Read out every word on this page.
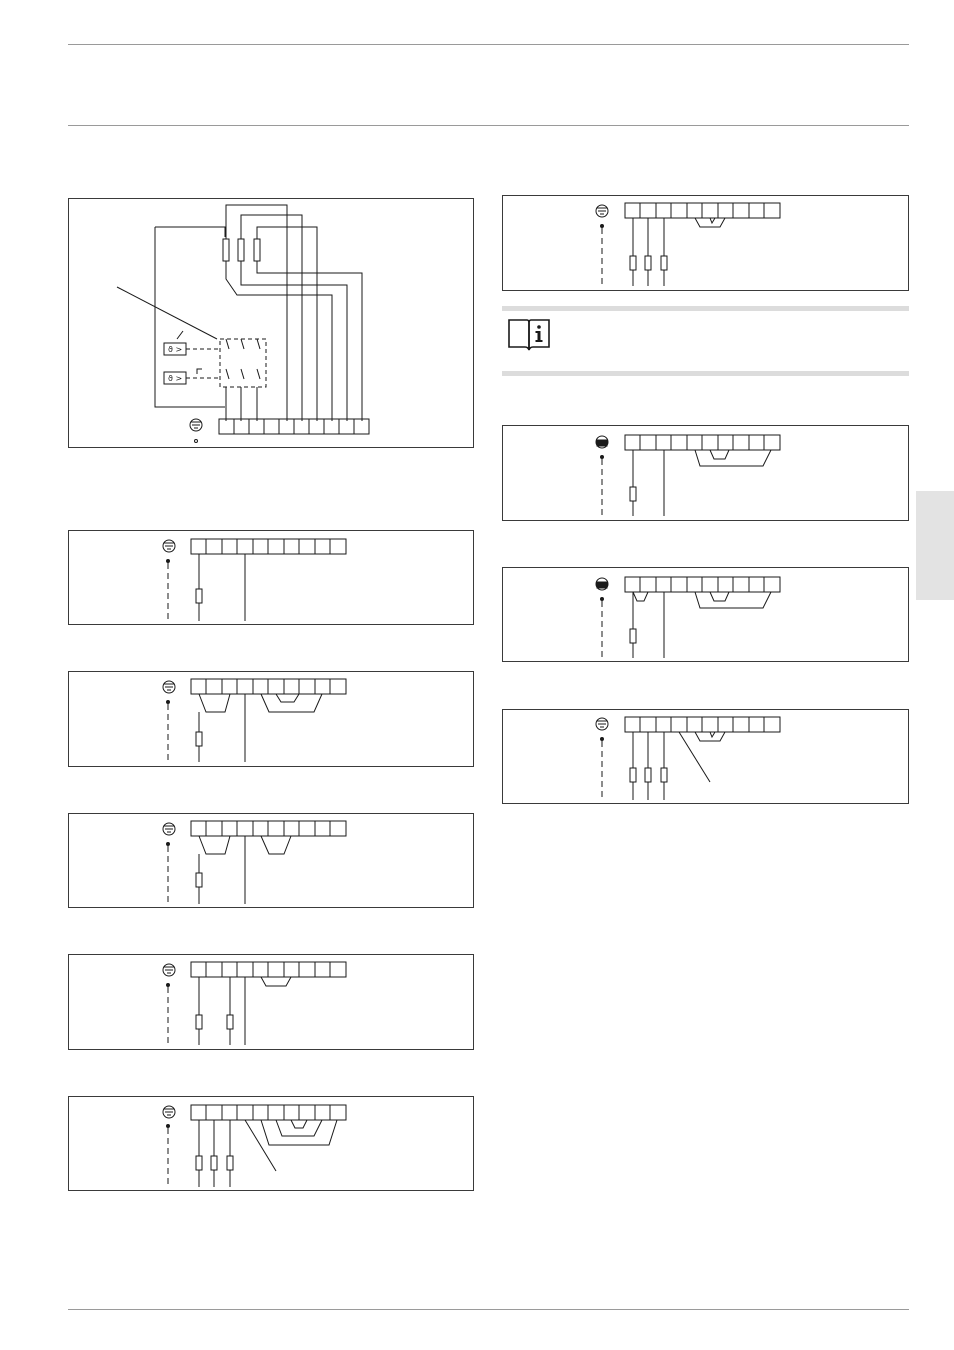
ϑ >
ϑ >
